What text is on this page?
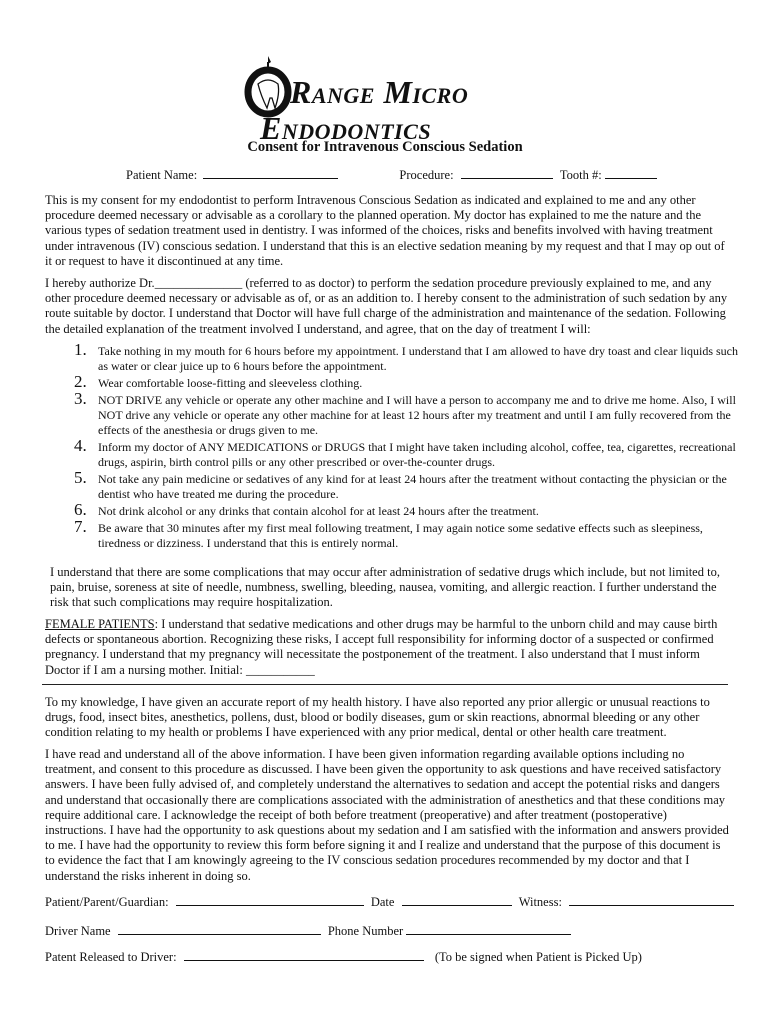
Range Micro
Endodontics
Consent for Intravenous Conscious Sedation
Patient Name:	Procedure:	Tooth #:

This is my consent for my endodontist to perform Intravenous Conscious Sedation as indicated and explained to me and any other procedure deemed necessary or advisable as a corollary to the planned operation. My doctor has explained to me the nature and the various types of sedation treatment used in dentistry. I was informed of the choices, risks and benefits involved with having treatment under intravenous (IV) conscious sedation. I understand that this is an elective sedation meaning by my request and that I may op out of it or request to have it discontinued at any time.

I hereby authorize Dr.______________ (referred to as doctor) to perform the sedation procedure previously explained to me, and any other procedure deemed necessary or advisable as of, or as an addition to. I hereby consent to the administration of such sedation by any route suitable by doctor. I understand that Doctor will have full charge of the administration and maintenance of the sedation. Following the detailed explanation of the treatment involved I understand, and agree, that on the day of treatment I will:

1. Take nothing in my mouth for 6 hours before my appointment. I understand that I am allowed to have dry toast and clear liquids such as water or clear juice up to 6 hours before the appointment.
2. Wear comfortable loose-fitting and sleeveless clothing.
3. NOT DRIVE any vehicle or operate any other machine and I will have a person to accompany me and to drive me home. Also, I will NOT drive any vehicle or operate any other machine for at least 12 hours after my treatment and until I am fully recovered from the effects of the anesthesia or drugs given to me.
4. Inform my doctor of ANY MEDICATIONS or DRUGS that I might have taken including alcohol, coffee, tea, cigarettes, recreational drugs, aspirin, birth control pills or any other prescribed or over-the-counter drugs.
5. Not take any pain medicine or sedatives of any kind for at least 24 hours after the treatment without contacting the physician or the dentist who have treated me during the procedure.
6. Not drink alcohol or any drinks that contain alcohol for at least 24 hours after the treatment.
7. Be aware that 30 minutes after my first meal following treatment, I may again notice some sedative effects such as sleepiness, tiredness or dizziness. I understand that this is entirely normal.

I understand that there are some complications that may occur after administration of sedative drugs which include, but not limited to, pain, bruise, soreness at site of needle, numbness, swelling, bleeding, nausea, vomiting, and allergic reaction. I further understand the risk that such complications may require hospitalization.

FEMALE PATIENTS: I understand that sedative medications and other drugs may be harmful to the unborn child and may cause birth defects or spontaneous abortion. Recognizing these risks, I accept full responsibility for informing doctor of a suspected or confirmed pregnancy. I understand that my pregnancy will necessitate the postponement of the treatment. I also understand that I must inform Doctor if I am a nursing mother. Initial: ___________

To my knowledge, I have given an accurate report of my health history. I have also reported any prior allergic or unusual reactions to drugs, food, insect bites, anesthetics, pollens, dust, blood or bodily diseases, gum or skin reactions, abnormal bleeding or any other condition relating to my health or problems I have experienced with any prior medical, dental or other health care treatment.

I have read and understand all of the above information. I have been given information regarding available options including no treatment, and consent to this procedure as discussed. I have been given the opportunity to ask questions and have received satisfactory answers. I have been fully advised of, and completely understand the alternatives to sedation and accept the potential risks and dangers and understand that occasionally there are complications associated with the administration of anesthetics and that these conditions may require additional care. I acknowledge the receipt of both before treatment (preoperative) and after treatment (postoperative) instructions. I have had the opportunity to ask questions about my sedation and I am satisfied with the information and answers provided to me. I have had the opportunity to review this form before signing it and I realize and understand that the purpose of this document is to evidence the fact that I am knowingly agreeing to the IV conscious sedation procedures recommended by my doctor and that I understand the risks inherent in doing so.

Patient/Parent/Guardian:	Date	Witness:
Driver Name	Phone Number
Patent Released to Driver:	(To be signed when Patient is Picked Up)
